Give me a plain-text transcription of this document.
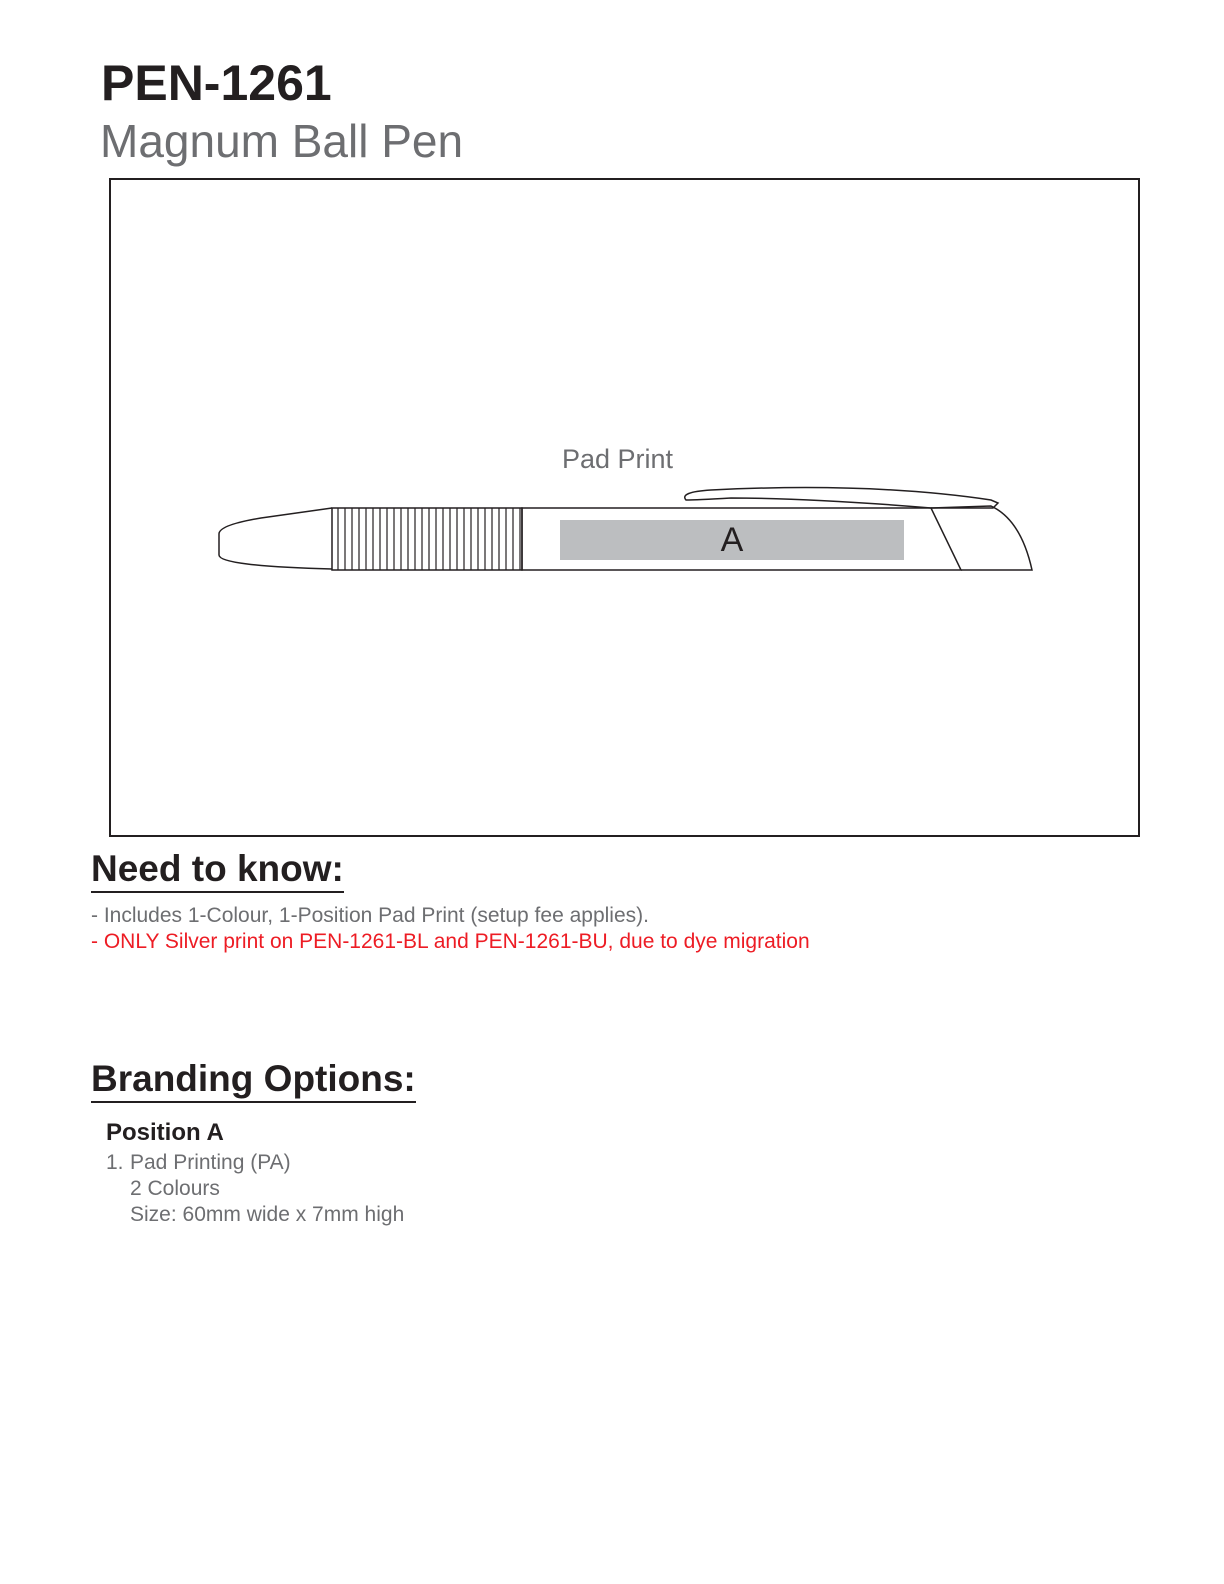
PEN-1261
Magnum Ball Pen
Pad Print
A
Need to know:
- Includes 1-Colour, 1-Position Pad Print (setup fee applies).
- ONLY Silver print on PEN-1261-BL and PEN-1261-BU, due to dye migration
Branding Options:
Position A
1. Pad Printing (PA)
2 Colours
Size: 60mm wide x 7mm high
